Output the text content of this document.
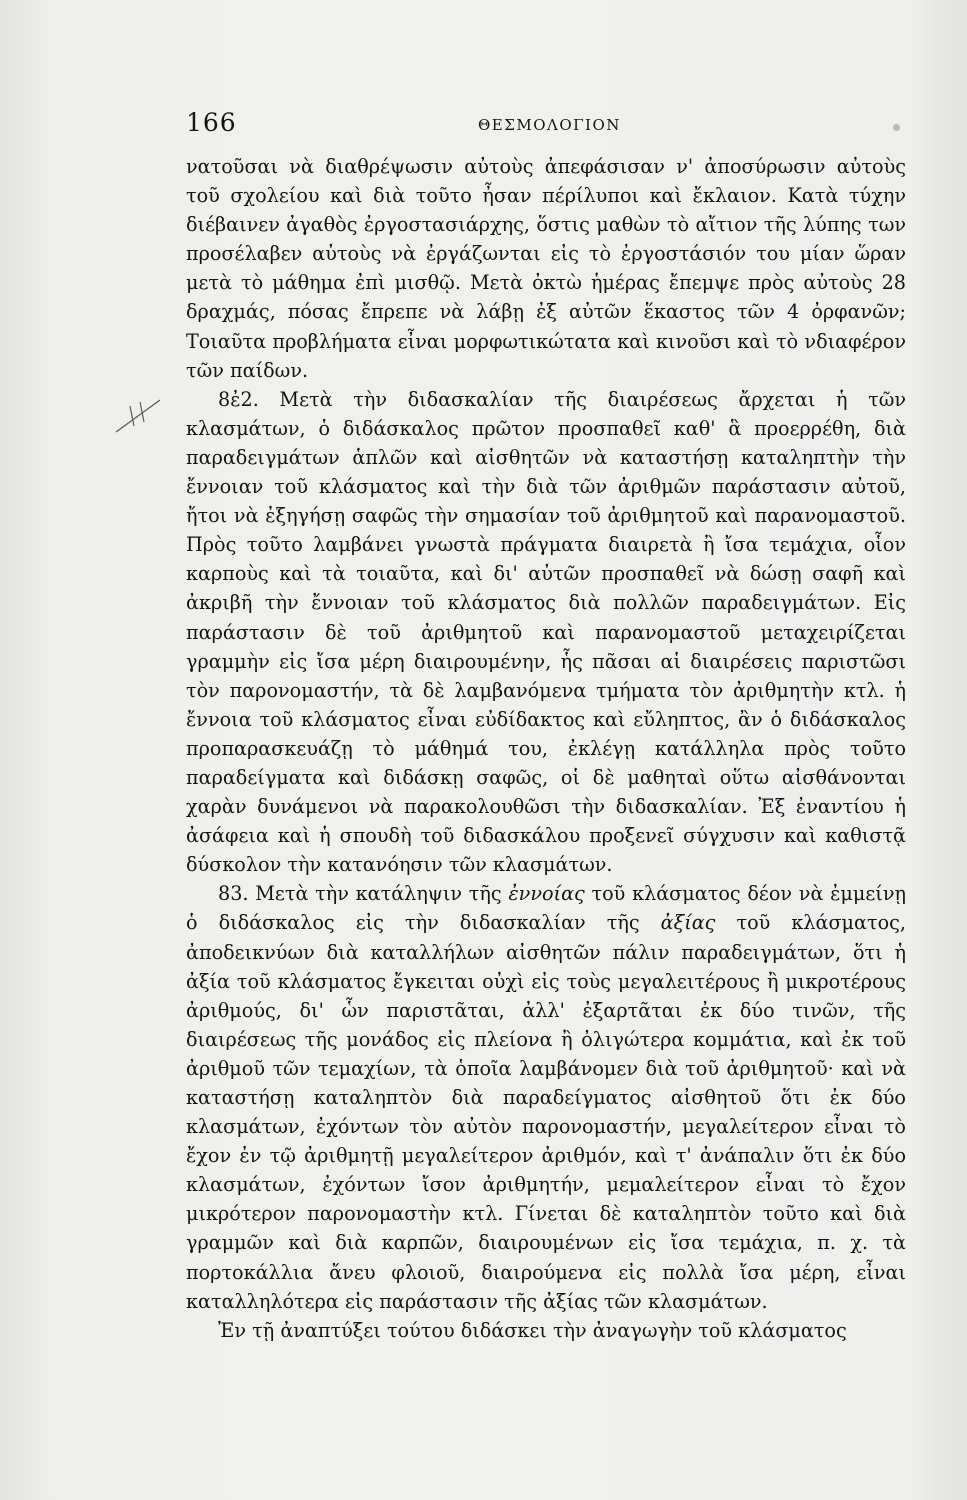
166	ΘΕΣΜΟΛΟΓΙΟΝ

νατοῦσαι νὰ διαθρέψωσιν αὐτοὺς ἀπεφάσισαν ν' ἀποσύρωσιν αὐτοὺς τοῦ σχολείου καὶ διὰ τοῦτο ἦσαν πέρίλυποι καὶ ἔκλαιον. Κατὰ τύχην διέβαινεν ἀγαθὸς ἐργοστασιάρχης, ὅστις μαθὼν τὸ αἴτιον τῆς λύπης των προσέλαβεν αὐτοὺς νὰ ἐργάζωνται εἰς τὸ ἐργοστάσιόν του μίαν ὥραν μετὰ τὸ μάθημα ἐπὶ μισθῷ. Μετὰ ὀκτὼ ἡμέρας ἔπεμψε πρὸς αὐτοὺς 28 δραχμάς, πόσας ἔπρεπε νὰ λάβῃ ἐξ αὐτῶν ἕκαστος τῶν 4 ὀρφανῶν; Τοιαῦτα προβλήματα εἶναι μορφωτικώτατα καὶ κινοῦσι καὶ τὸ νδιαφέρον τῶν παίδων.

8ἐ2. Μετὰ τὴν διδασκαλίαν τῆς διαιρέσεως ἄρχεται ἡ τῶν κλασμάτων, ὁ διδάσκαλος πρῶτον προσπαθεῖ καθ' ἃ προερρέθη, διὰ παραδειγμάτων ἁπλῶν καὶ αἰσθητῶν νὰ καταστήσῃ καταληπτὴν τὴν ἔννοιαν τοῦ κλάσματος καὶ τὴν διὰ τῶν ἀριθμῶν παράστασιν αὐτοῦ, ἤτοι νὰ ἐξηγήσῃ σαφῶς τὴν σημασίαν τοῦ ἀριθμητοῦ καὶ παρανομαστοῦ. Πρὸς τοῦτο λαμβάνει γνωστὰ πράγματα διαιρετὰ ἢ ἴσα τεμάχια, οἷον καρποὺς καὶ τὰ τοιαῦτα, καὶ δι' αὐτῶν προσπαθεῖ νὰ δώσῃ σαφῆ καὶ ἀκριβῆ τὴν ἔννοιαν τοῦ κλάσματος διὰ πολλῶν παραδειγμάτων. Εἰς παράστασιν δὲ τοῦ ἀριθμητοῦ καὶ παρανομαστοῦ μεταχειρίζεται γραμμὴν εἰς ἴσα μέρη διαιρουμένην, ἧς πᾶσαι αἱ διαιρέσεις παριστῶσι τὸν παρονομαστήν, τὰ δὲ λαμβανόμενα τμήματα τὸν ἀριθμητὴν κτλ. ἡ ἔννοια τοῦ κλάσματος εἶναι εὐδίδακτος καὶ εὔληπτος, ἂν ὁ διδάσκαλος προπαρασκευάζῃ τὸ μάθημά του, ἐκλέγῃ κατάλληλα πρὸς τοῦτο παραδείγματα καὶ διδάσκῃ σαφῶς, οἱ δὲ μαθηταὶ οὕτω αἰσθάνονται χαρὰν δυνάμενοι νὰ παρακολουθῶσι τὴν διδασκαλίαν. Ἐξ ἐναντίου ἡ ἀσάφεια καὶ ἡ σπουδὴ τοῦ διδασκάλου προξενεῖ σύγχυσιν καὶ καθιστᾷ δύσκολον τὴν κατανόησιν τῶν κλασμάτων.

83. Μετὰ τὴν κατάληψιν τῆς ἐννοίας τοῦ κλάσματος δέον νὰ ἐμμείνῃ ὁ διδάσκαλος εἰς τὴν διδασκαλίαν τῆς ἀξίας τοῦ κλάσματος, ἀποδεικνύων διὰ καταλλήλων αἰσθητῶν πάλιν παραδειγμάτων, ὅτι ἡ ἀξία τοῦ κλάσματος ἔγκειται οὐχὶ εἰς τοὺς μεγαλειτέρους ἢ μικροτέρους ἀριθμούς, δι' ὧν παριστᾶται, ἀλλ' ἐξαρτᾶται ἐκ δύο τινῶν, τῆς διαιρέσεως τῆς μονάδος εἰς πλείονα ἢ ὀλιγώτερα κομμάτια, καὶ ἐκ τοῦ ἀριθμοῦ τῶν τεμαχίων, τὰ ὁποῖα λαμβάνομεν διὰ τοῦ ἀριθμητοῦ· καὶ νὰ καταστήσῃ καταληπτὸν διὰ παραδείγματος αἰσθητοῦ ὅτι ἐκ δύο κλασμάτων, ἐχόντων τὸν αὐτὸν παρονομαστήν, μεγαλείτερον εἶναι τὸ ἔχον ἐν τῷ ἀριθμητῇ μεγαλείτερον ἀριθμόν, καὶ τ' ἀνάπαλιν ὅτι ἐκ δύο κλασμάτων, ἐχόντων ἴσον ἀριθμητήν, μεμαλείτερον εἶναι τὸ ἔχον μικρότερον παρονομαστὴν κτλ. Γίνεται δὲ καταληπτὸν τοῦτο καὶ διὰ γραμμῶν καὶ διὰ καρπῶν, διαιρουμένων εἰς ἴσα τεμάχια, π. χ. τὰ πορτοκάλλια ἄνευ φλοιοῦ, διαιρούμενα εἰς πολλὰ ἴσα μέρη, εἶναι καταλληλότερα εἰς παράστασιν τῆς ἀξίας τῶν κλασμάτων.

Ἐν τῇ ἀναπτύξει τούτου διδάσκει τὴν ἀναγωγὴν τοῦ κλάσματος
